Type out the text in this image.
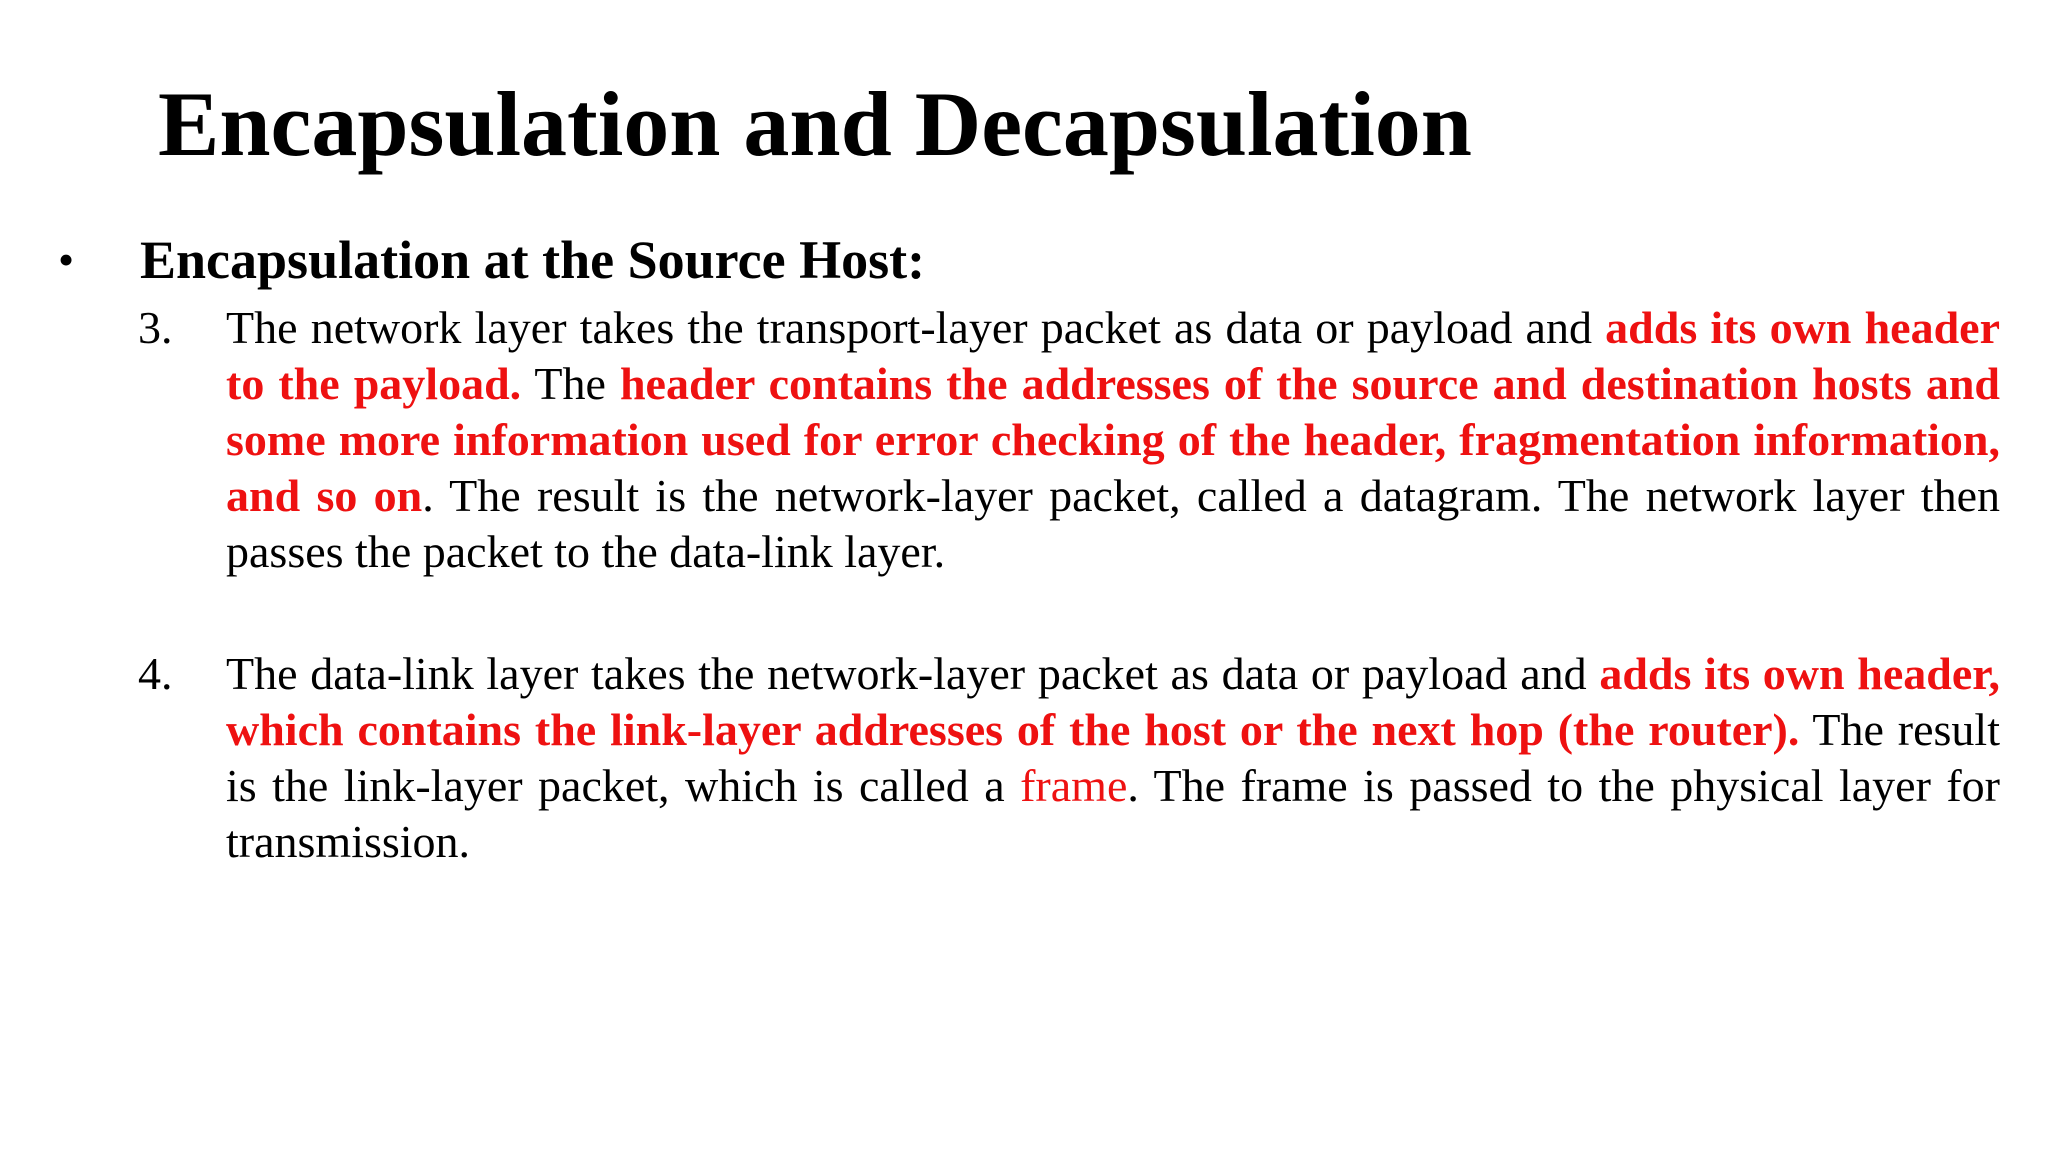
Encapsulation and Decapsulation
• Encapsulation at the Source Host:
3. The network layer takes the transport-layer packet as data or payload and adds its own header to the payload. The header contains the addresses of the source and destination hosts and some more information used for error checking of the header, fragmentation information, and so on. The result is the network-layer packet, called a datagram. The network layer then passes the packet to the data-link layer.

4. The data-link layer takes the network-layer packet as data or payload and adds its own header, which contains the link-layer addresses of the host or the next hop (the router). The result is the link-layer packet, which is called a frame. The frame is passed to the physical layer for transmission.
